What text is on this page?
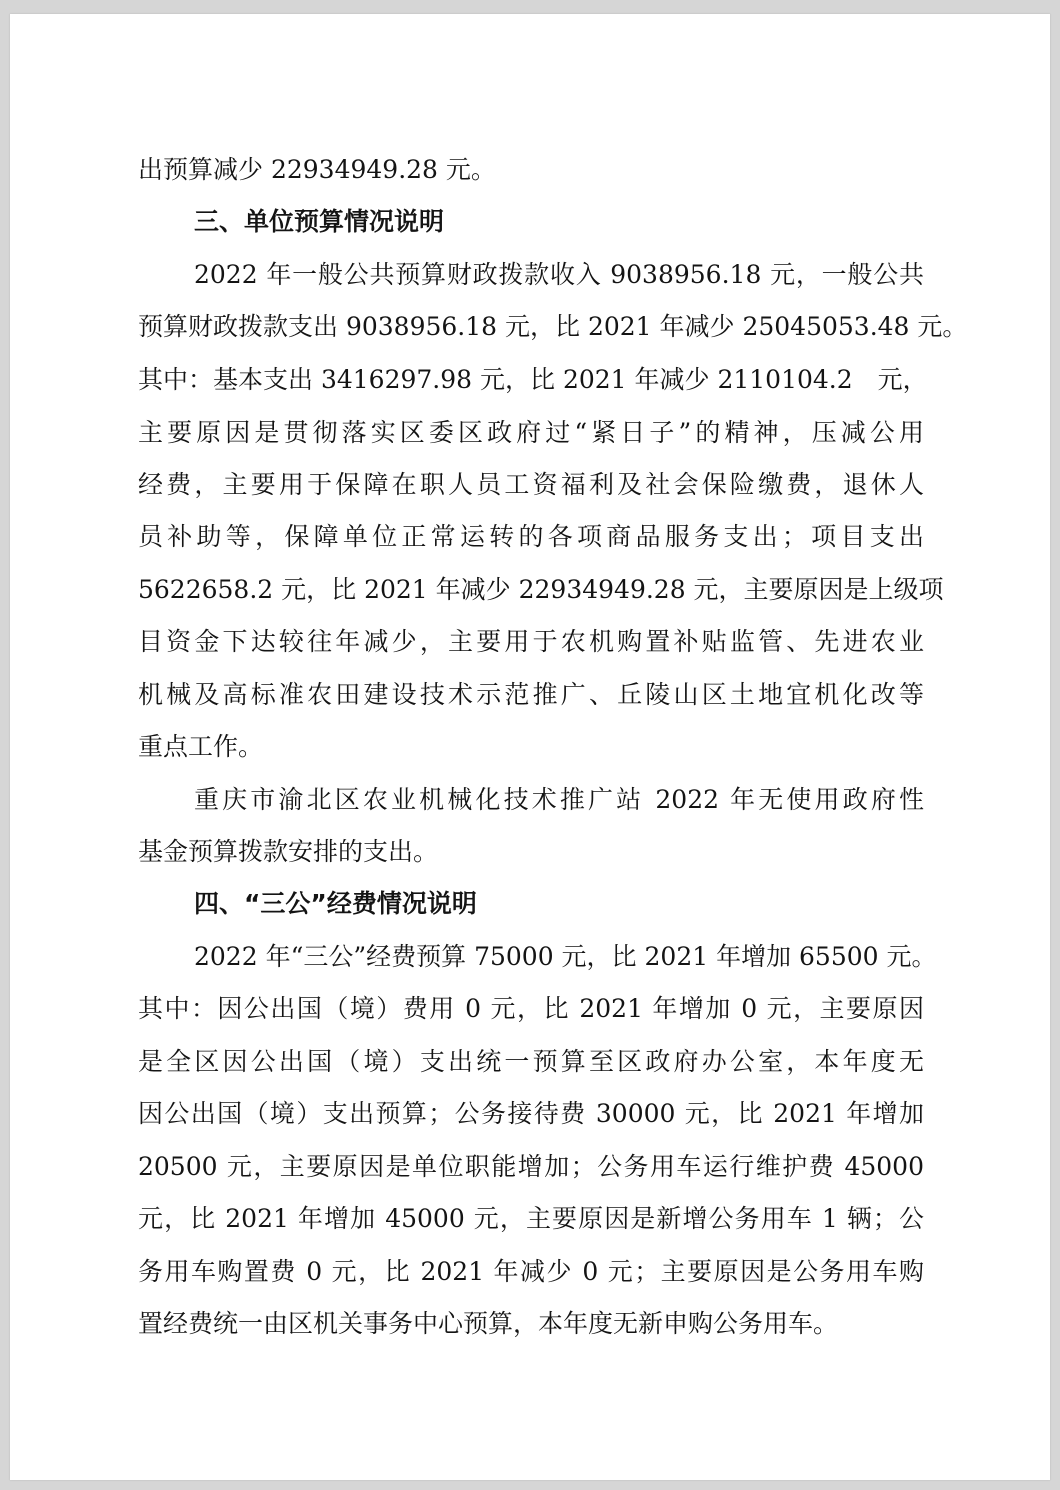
出预算减少 22934949.28 元。
三、单位预算情况说明
2022 年一般公共预算财政拨款收入 9038956.18 元，一般公共
预算财政拨款支出 9038956.18 元，比 2021 年减少 25045053.48 元。
其中：基本支出 3416297.98 元，比 2021 年减少 2110104.2　元，
主要原因是贯彻落实区委区政府过“紧日子”的精神，压减公用
经费，主要用于保障在职人员工资福利及社会保险缴费，退休人
员补助等，保障单位正常运转的各项商品服务支出；项目支出
5622658.2 元，比 2021 年减少 22934949.28 元，主要原因是上级项
目资金下达较往年减少，主要用于农机购置补贴监管、先进农业
机械及高标准农田建设技术示范推广、丘陵山区土地宜机化改等
重点工作。
重庆市渝北区农业机械化技术推广站 2022 年无使用政府性
基金预算拨款安排的支出。
四、“三公”经费情况说明
2022 年“三公”经费预算 75000 元，比 2021 年增加 65500 元。
其中：因公出国（境）费用 0 元，比 2021 年增加 0 元，主要原因
是全区因公出国（境）支出统一预算至区政府办公室，本年度无
因公出国（境）支出预算；公务接待费 30000 元，比 2021 年增加
20500 元，主要原因是单位职能增加；公务用车运行维护费 45000
元，比 2021 年增加 45000 元，主要原因是新增公务用车 1 辆；公
务用车购置费 0 元，比 2021 年减少 0 元；主要原因是公务用车购
置经费统一由区机关事务中心预算，本年度无新申购公务用车。
